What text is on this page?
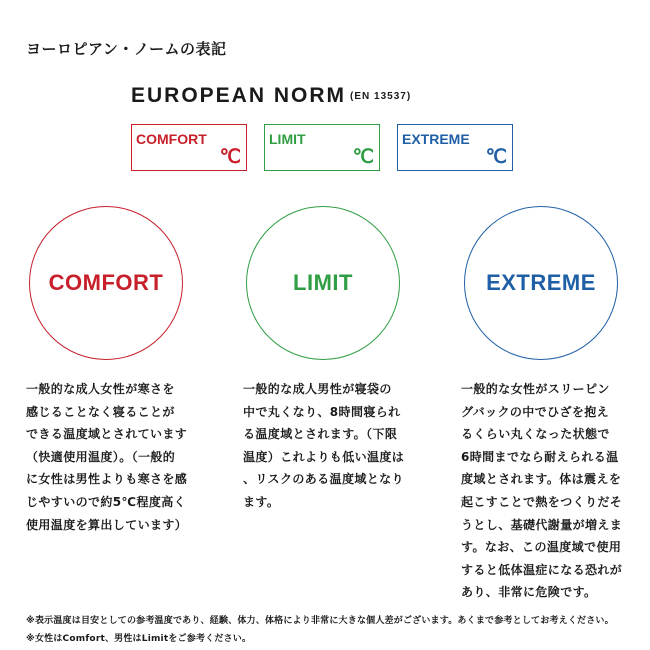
ヨーロピアン・ノームの表記
EUROPEAN NORM (EN 13537)
COMFORT
℃
LIMIT
℃
EXTREME
℃
COMFORT	LIMIT	EXTREME
一般的な成人女性が寒さを
感じることなく寝ることが
できる温度域とされています
（快適使用温度）。（一般的
に女性は男性よりも寒さを感
じやすいので約5℃程度高く
使用温度を算出しています）
一般的な成人男性が寝袋の
中で丸くなり、8時間寝られ
る温度域とされます。（下限
温度）これよりも低い温度は
、リスクのある温度域となり
ます。
一般的な女性がスリーピン
グバックの中でひざを抱え
るくらい丸くなった状態で
6時間までなら耐えられる温
度域とされます。体は震えを
起こすことで熱をつくりだそ
うとし、基礎代謝量が増えま
す。なお、この温度域で使用
すると低体温症になる恐れが
あり、非常に危険です。
※表示温度は目安としての参考温度であり、経験、体力、体格により非常に大きな個人差がございます。あくまで参考としてお考えください。
※女性はComfort、男性はLimitをご参考ください。
